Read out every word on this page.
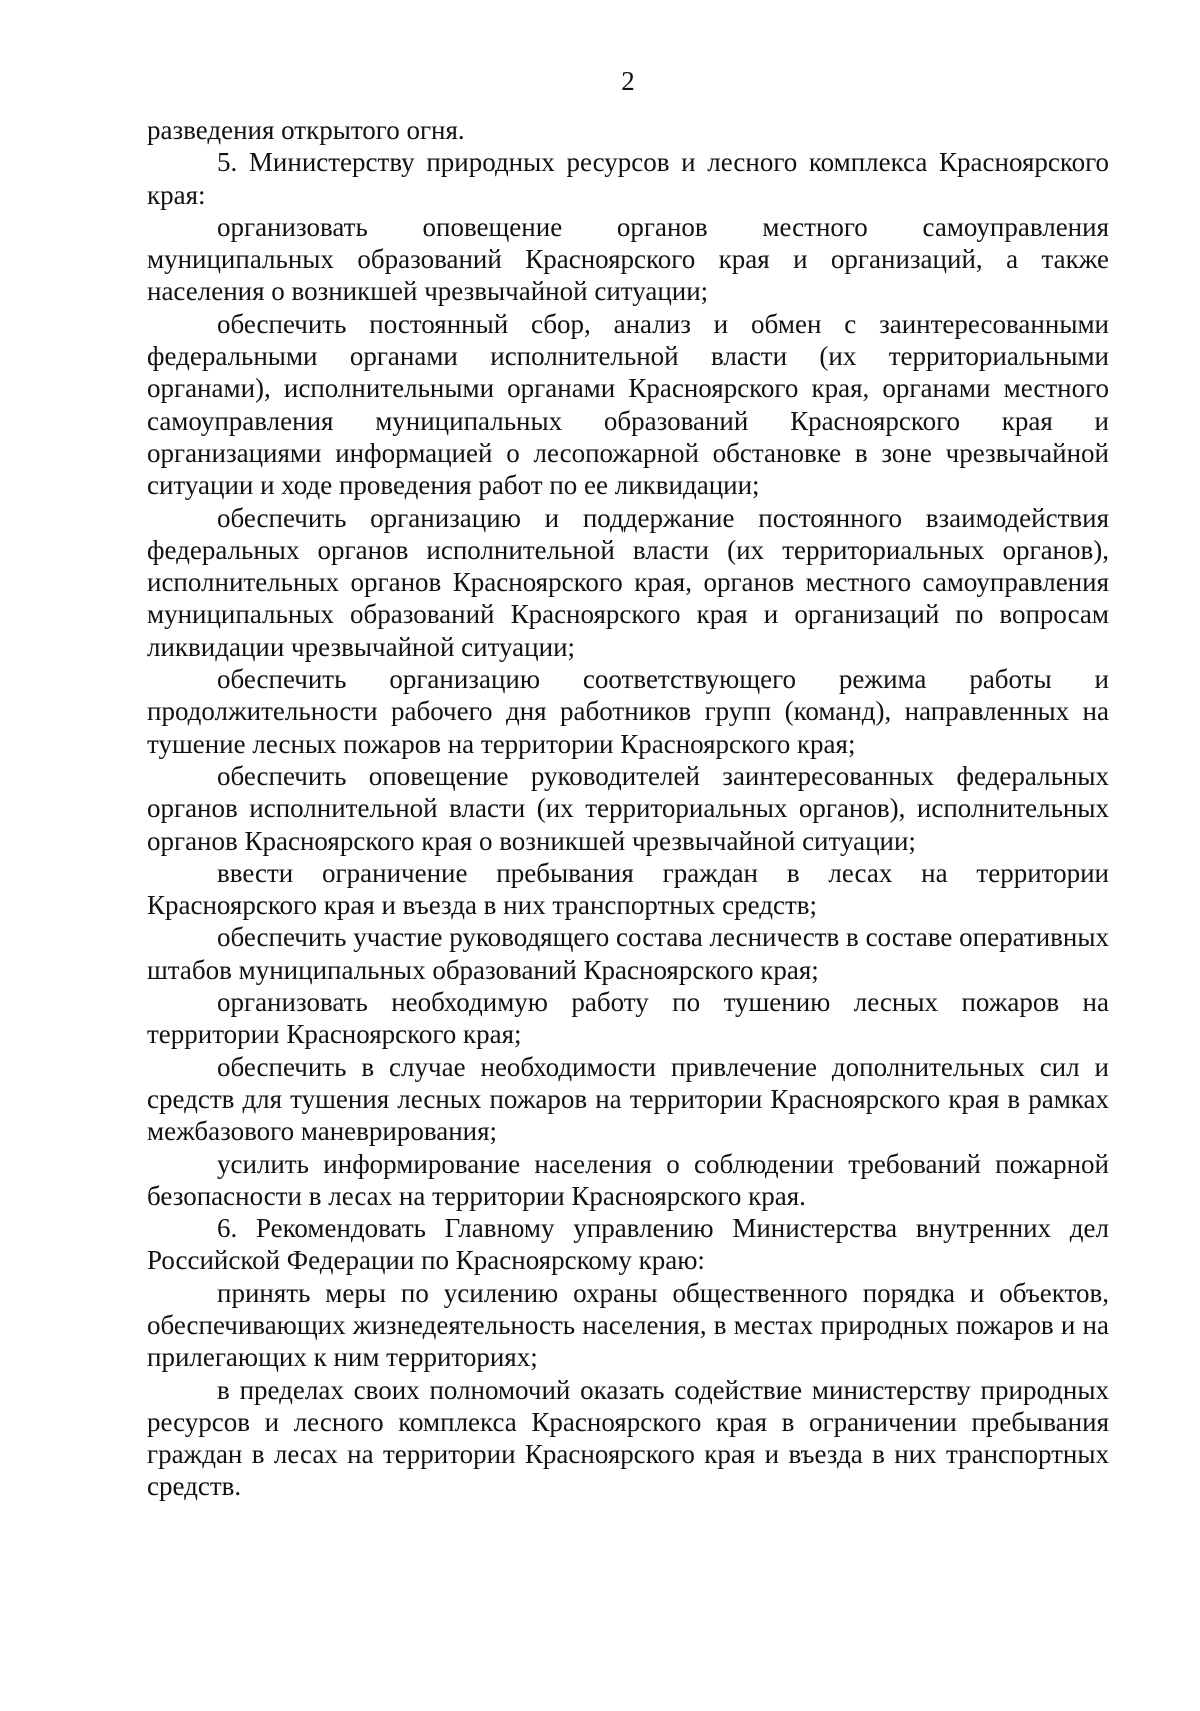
2

разведения открытого огня.

5. Министерству природных ресурсов и лесного комплекса Красноярского края:

организовать оповещение органов местного самоуправления муниципальных образований Красноярского края и организаций, а также населения о возникшей чрезвычайной ситуации;

обеспечить постоянный сбор, анализ и обмен с заинтересованными федеральными органами исполнительной власти (их территориальными органами), исполнительными органами Красноярского края, органами местного самоуправления муниципальных образований Красноярского края и организациями информацией о лесопожарной обстановке в зоне чрезвычайной ситуации и ходе проведения работ по ее ликвидации;

обеспечить организацию и поддержание постоянного взаимодействия федеральных органов исполнительной власти (их территориальных органов), исполнительных органов Красноярского края, органов местного самоуправления муниципальных образований Красноярского края и организаций по вопросам ликвидации чрезвычайной ситуации;

обеспечить организацию соответствующего режима работы и продолжительности рабочего дня работников групп (команд), направленных на тушение лесных пожаров на территории Красноярского края;

обеспечить оповещение руководителей заинтересованных федеральных органов исполнительной власти (их территориальных органов), исполнительных органов Красноярского края о возникшей чрезвычайной ситуации;

ввести ограничение пребывания граждан в лесах на территории Красноярского края и въезда в них транспортных средств;

обеспечить участие руководящего состава лесничеств в составе оперативных штабов муниципальных образований Красноярского края;

организовать необходимую работу по тушению лесных пожаров на территории Красноярского края;

обеспечить в случае необходимости привлечение дополнительных сил и средств для тушения лесных пожаров на территории Красноярского края в рамках межбазового маневрирования;

усилить информирование населения о соблюдении требований пожарной безопасности в лесах на территории Красноярского края.

6. Рекомендовать Главному управлению Министерства внутренних дел Российской Федерации по Красноярскому краю:

принять меры по усилению охраны общественного порядка и объектов, обеспечивающих жизнедеятельность населения, в местах природных пожаров и на прилегающих к ним территориях;

в пределах своих полномочий оказать содействие министерству природных ресурсов и лесного комплекса Красноярского края в ограничении пребывания граждан в лесах на территории Красноярского края и въезда в них транспортных средств.
